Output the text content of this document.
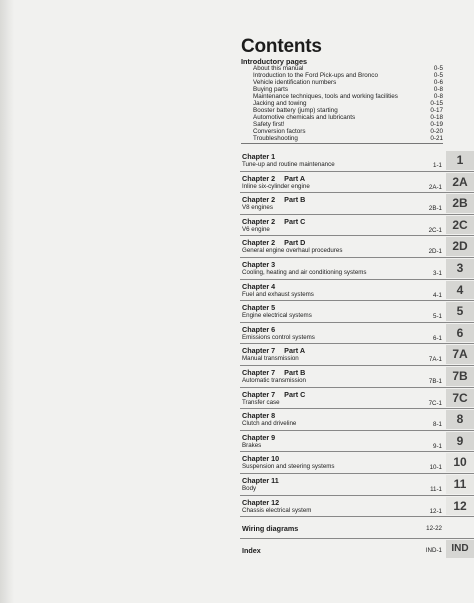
Contents
Introductory pages
About this manual	0-5
Introduction to the Ford Pick-ups and Bronco	0-5
Vehicle identification numbers	0-6
Buying parts	0-8
Maintenance techniques, tools and working facilities	0-8
Jacking and towing	0-15
Booster battery (jump) starting	0-17
Automotive chemicals and lubricants	0-18
Safety first!	0-19
Conversion factors	0-20
Troubleshooting	0-21
Chapter 1
Tune-up and routine maintenance	1-1	1
Chapter 2 Part A
Inline six-cylinder engine	2A-1 2A
Chapter 2 Part B
V8 engines	2B-1 2B
Chapter 2 Part C
V6 engine	2C-1 2C
Chapter 2 Part D
General engine overhaul procedures	2D-1 2D
Chapter 3
Cooling, heating and air conditioning systems	3-1	3
Chapter 4
Fuel and exhaust systems	4-1	4
Chapter 5
Engine electrical systems	5-1	5
Chapter 6
Emissions control systems	6-1	6
Chapter 7 Part A
Manual transmission	7A-1 7A
Chapter 7 Part B
Automatic transmission	7B-1 7B
Chapter 7 Part C
Transfer case	7C-1 7C
Chapter 8
Clutch and driveline	8-1	8
Chapter 9
Brakes	9-1	9
Chapter 10
Suspension and steering systems	10-1 10
Chapter 11
Body	11-1 11
Chapter 12
Chassis electrical system	12-1 12
Wiring diagrams	12-22
Index	IND-1 IND
